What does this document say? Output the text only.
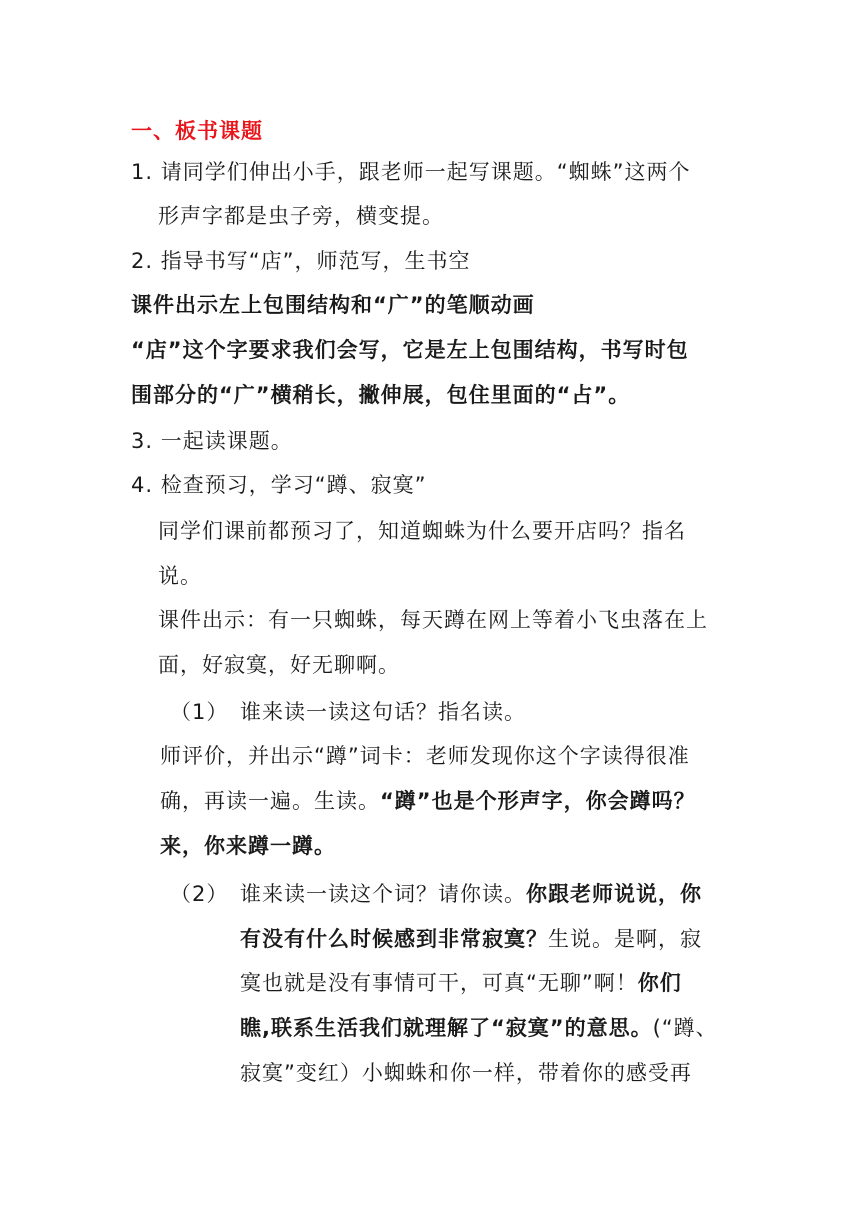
一、板书课题
1. 请同学们伸出小手，跟老师一起写课题。“蜘蛛”这两个
形声字都是虫子旁，横变提。
2. 指导书写“店”，师范写，生书空
课件出示左上包围结构和“广”的笔顺动画
“店”这个字要求我们会写，它是左上包围结构，书写时包
围部分的“广”横稍长，撇伸展，包住里面的“占”。
3. 一起读课题。
4. 检查预习，学习“蹲、寂寞”
同学们课前都预习了，知道蜘蛛为什么要开店吗？指名
说。
课件出示：有一只蜘蛛，每天蹲在网上等着小飞虫落在上
面，好寂寞，好无聊啊。
（1） 谁来读一读这句话？指名读。
师评价，并出示“蹲”词卡：老师发现你这个字读得很准
确，再读一遍。生读。“蹲”也是个形声字，你会蹲吗？
来，你来蹲一蹲。
（2） 谁来读一读这个词？请你读。你跟老师说说，你
有没有什么时候感到非常寂寞？生说。是啊，寂
寞也就是没有事情可干，可真“无聊”啊！你们
瞧,联系生活我们就理解了“寂寞”的意思。(“蹲、
寂寞”变红）小蜘蛛和你一样，带着你的感受再
